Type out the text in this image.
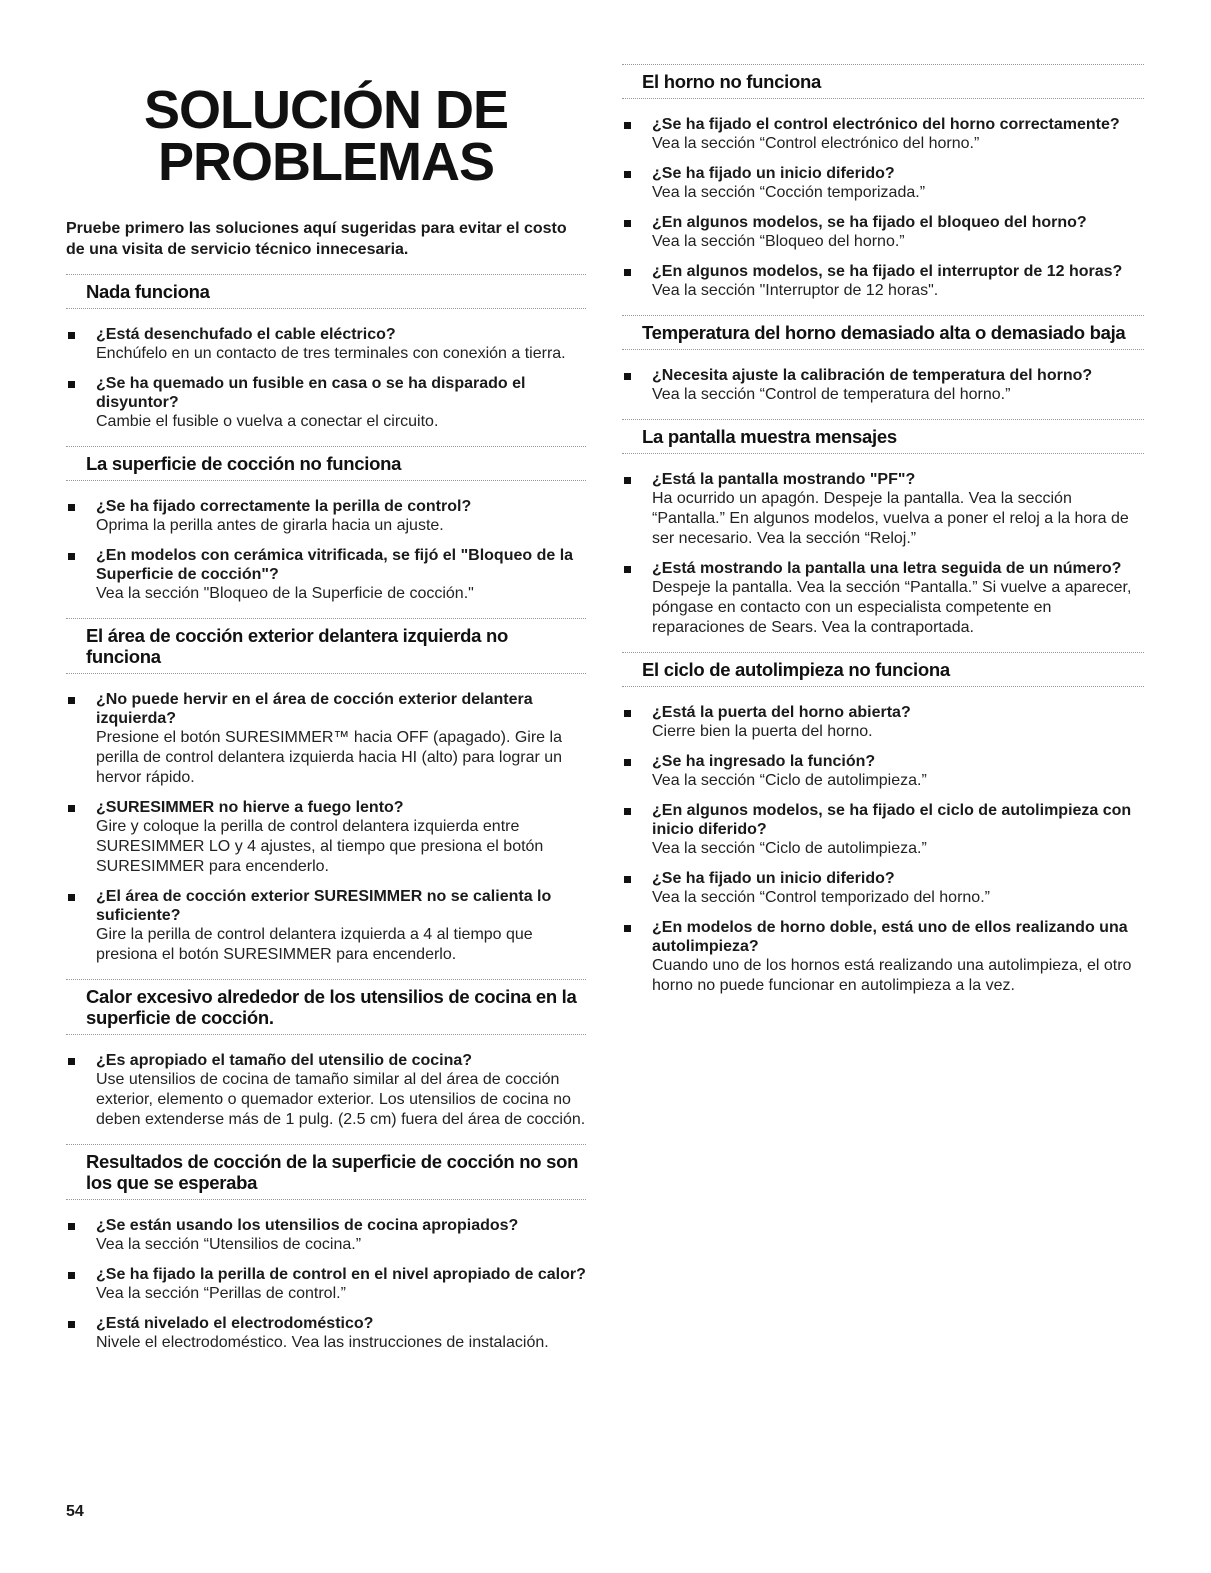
SOLUCIÓN DE
PROBLEMAS

Pruebe primero las soluciones aquí sugeridas para evitar el costo de una visita de servicio técnico innecesaria.

Nada funciona
¿Está desenchufado el cable eléctrico?
Enchúfelo en un contacto de tres terminales con conexión a tierra.
¿Se ha quemado un fusible en casa o se ha disparado el disyuntor?
Cambie el fusible o vuelva a conectar el circuito.
La superficie de cocción no funciona
¿Se ha fijado correctamente la perilla de control?
Oprima la perilla antes de girarla hacia un ajuste.
¿En modelos con cerámica vitrificada, se fijó el "Bloqueo de la Superficie de cocción"?
Vea la sección "Bloqueo de la Superficie de cocción."
El área de cocción exterior delantera izquierda no funciona
¿No puede hervir en el área de cocción exterior delantera izquierda?
Presione el botón SURESIMMER™ hacia OFF (apagado). Gire la perilla de control delantera izquierda hacia HI (alto) para lograr un hervor rápido.
¿SURESIMMER no hierve a fuego lento?
Gire y coloque la perilla de control delantera izquierda entre SURESIMMER LO y 4 ajustes, al tiempo que presiona el botón SURESIMMER para encenderlo.
¿El área de cocción exterior SURESIMMER no se calienta lo suficiente?
Gire la perilla de control delantera izquierda a 4 al tiempo que presiona el botón SURESIMMER para encenderlo.
Calor excesivo alrededor de los utensilios de cocina en la superficie de cocción.
¿Es apropiado el tamaño del utensilio de cocina?
Use utensilios de cocina de tamaño similar al del área de cocción exterior, elemento o quemador exterior. Los utensilios de cocina no deben extenderse más de 1 pulg. (2.5 cm) fuera del área de cocción.
Resultados de cocción de la superficie de cocción no son los que se esperaba
¿Se están usando los utensilios de cocina apropiados?
Vea la sección “Utensilios de cocina.”
¿Se ha fijado la perilla de control en el nivel apropiado de calor?
Vea la sección “Perillas de control.”
¿Está nivelado el electrodoméstico?
Nivele el electrodoméstico. Vea las instrucciones de instalación.
El horno no funciona
¿Se ha fijado el control electrónico del horno correctamente?
Vea la sección “Control electrónico del horno.”
¿Se ha fijado un inicio diferido?
Vea la sección “Cocción temporizada.”
¿En algunos modelos, se ha fijado el bloqueo del horno?
Vea la sección “Bloqueo del horno.”
¿En algunos modelos, se ha fijado el interruptor de 12 horas?
Vea la sección "Interruptor de 12 horas".
Temperatura del horno demasiado alta o demasiado baja
¿Necesita ajuste la calibración de temperatura del horno?
Vea la sección “Control de temperatura del horno.”
La pantalla muestra mensajes
¿Está la pantalla mostrando "PF"?
Ha ocurrido un apagón. Despeje la pantalla. Vea la sección “Pantalla.” En algunos modelos, vuelva a poner el reloj a la hora de ser necesario. Vea la sección “Reloj.”
¿Está mostrando la pantalla una letra seguida de un número?
Despeje la pantalla. Vea la sección “Pantalla.” Si vuelve a aparecer, póngase en contacto con un especialista competente en reparaciones de Sears. Vea la contraportada.
El ciclo de autolimpieza no funciona
¿Está la puerta del horno abierta?
Cierre bien la puerta del horno.
¿Se ha ingresado la función?
Vea la sección “Ciclo de autolimpieza.”
¿En algunos modelos, se ha fijado el ciclo de autolimpieza con inicio diferido?
Vea la sección “Ciclo de autolimpieza.”
¿Se ha fijado un inicio diferido?
Vea la sección “Control temporizado del horno.”
¿En modelos de horno doble, está uno de ellos realizando una autolimpieza?
Cuando uno de los hornos está realizando una autolimpieza, el otro horno no puede funcionar en autolimpieza a la vez.
54
